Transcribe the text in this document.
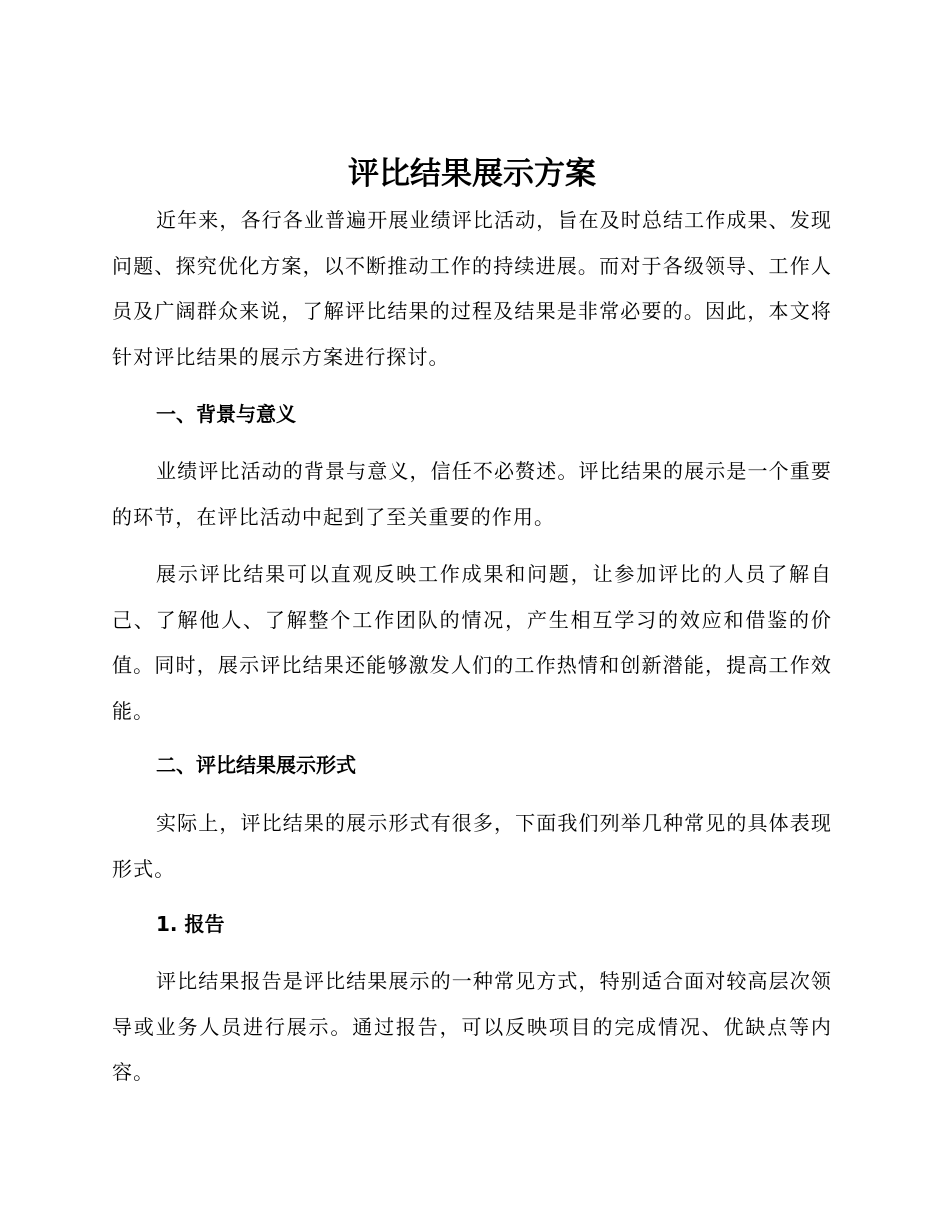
评比结果展示方案

近年来，各行各业普遍开展业绩评比活动，旨在及时总结工作成果、发现问题、探究优化方案，以不断推动工作的持续进展。而对于各级领导、工作人员及广阔群众来说，了解评比结果的过程及结果是非常必要的。因此，本文将针对评比结果的展示方案进行探讨。

一、背景与意义

业绩评比活动的背景与意义，信任不必赘述。评比结果的展示是一个重要的环节，在评比活动中起到了至关重要的作用。

展示评比结果可以直观反映工作成果和问题，让参加评比的人员了解自己、了解他人、了解整个工作团队的情况，产生相互学习的效应和借鉴的价值。同时，展示评比结果还能够激发人们的工作热情和创新潜能，提高工作效能。

二、评比结果展示形式

实际上，评比结果的展示形式有很多，下面我们列举几种常见的具体表现形式。

1. 报告

评比结果报告是评比结果展示的一种常见方式，特别适合面对较高层次领导或业务人员进行展示。通过报告，可以反映项目的完成情况、优缺点等内容。
